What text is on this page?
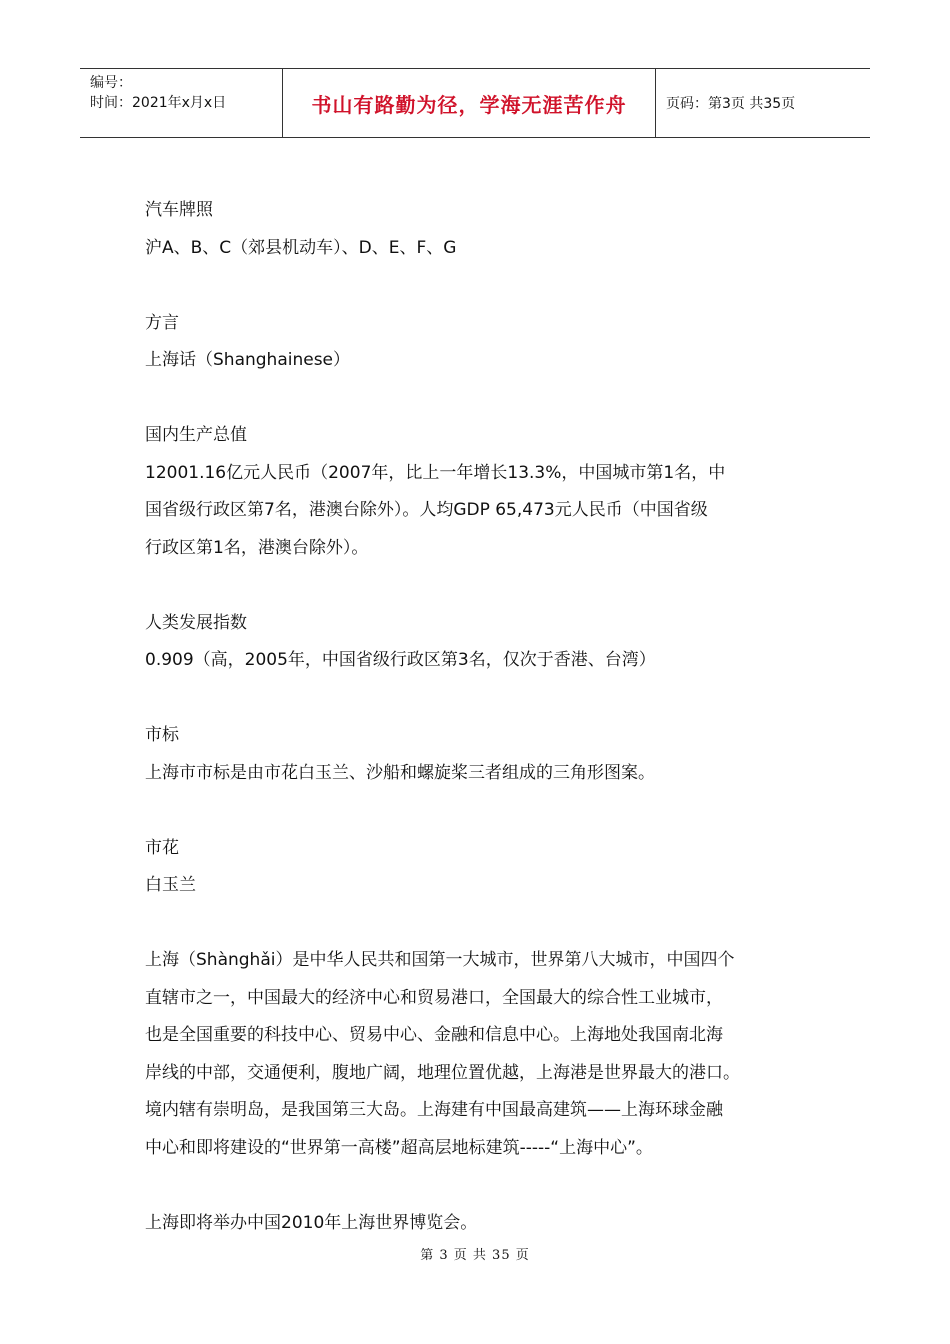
编号：
时间：2021年x月x日	书山有路勤为径，学海无涯苦作舟	页码：第3页 共35页

汽车牌照

沪A、B、C（郊县机动车）、D、E、F、G

方言

上海话（Shanghainese）

国内生产总值

12001.16亿元人民币（2007年，比上一年增长13.3%，中国城市第1名，中

国省级行政区第7名，港澳台除外）。人均GDP 65,473元人民币（中国省级

行政区第1名，港澳台除外）。

人类发展指数

0.909（高，2005年，中国省级行政区第3名，仅次于香港、台湾）

市标

上海市市标是由市花白玉兰、沙船和螺旋桨三者组成的三角形图案。

市花

白玉兰

上海（Shànghǎi）是中华人民共和国第一大城市，世界第八大城市，中国四个

直辖市之一，中国最大的经济中心和贸易港口，全国最大的综合性工业城市，

也是全国重要的科技中心、贸易中心、金融和信息中心。上海地处我国南北海

岸线的中部，交通便利，腹地广阔，地理位置优越，上海港是世界最大的港口。

境内辖有崇明岛，是我国第三大岛。上海建有中国最高建筑——上海环球金融

中心和即将建设的“世界第一高楼”超高层地标建筑-----“上海中心”。

上海即将举办中国2010年上海世界博览会。

第 3 页 共 35 页
